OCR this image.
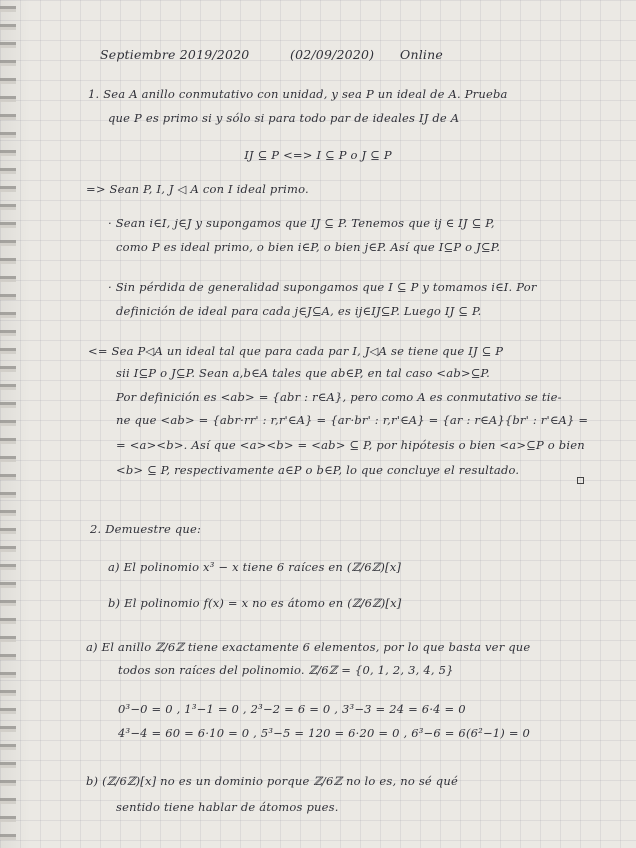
Septiembre 2019/2020	(02/09/2020) Online

1. Sea A anillo conmutativo con unidad, y sea P un ideal de A. Prueba

que P es primo si y sólo si para todo par de ideales IJ de A

IJ ⊆ P <=> I ⊆ P o J ⊆ P

=> Sean P, I, J ◁ A con I ideal primo.

· Sean i∈I, j∈J y supongamos que IJ ⊆ P. Tenemos que ij ∈ IJ ⊆ P,

como P es ideal primo, o bien i∈P, o bien j∈P. Así que I⊆P o J⊆P.

· Sin pérdida de generalidad supongamos que I ⊆ P y tomamos i∈I. Por

definición de ideal para cada j∈J⊆A, es ij∈IJ⊆P. Luego IJ ⊆ P.

<= Sea P◁A un ideal tal que para cada par I, J◁A se tiene que IJ ⊆ P

sii I⊆P o J⊆P. Sean a,b∈A tales que ab∈P, en tal caso <ab>⊆P.

Por definición es <ab> = {abr : r∈A}, pero como A es conmutativo se tie-

ne que <ab> = {abr·rr' : r,r'∈A} = {ar·br' : r,r'∈A} = {ar : r∈A}{br' : r'∈A} =

= <a><b>. Así que <a><b> = <ab> ⊆ P, por hipótesis o bien <a>⊆P o bien

<b> ⊆ P, respectivamente a∈P o b∈P, lo que concluye el resultado.

2. Demuestre que:

a) El polinomio x³ − x tiene 6 raíces en (ℤ/6ℤ)[x]

b) El polinomio f(x) = x no es átomo en (ℤ/6ℤ)[x]

a) El anillo ℤ/6ℤ tiene exactamente 6 elementos, por lo que basta ver que

todos son raíces del polinomio. ℤ/6ℤ = {0, 1, 2, 3, 4, 5}

0³−0 = 0 , 1³−1 = 0 , 2³−2 = 6 = 0 , 3³−3 = 24 = 6·4 = 0

4³−4 = 60 = 6·10 = 0 , 5³−5 = 120 = 6·20 = 0 , 6³−6 = 6(6²−1) = 0

b) (ℤ/6ℤ)[x] no es un dominio porque ℤ/6ℤ no lo es, no sé qué

sentido tiene hablar de átomos pues.
